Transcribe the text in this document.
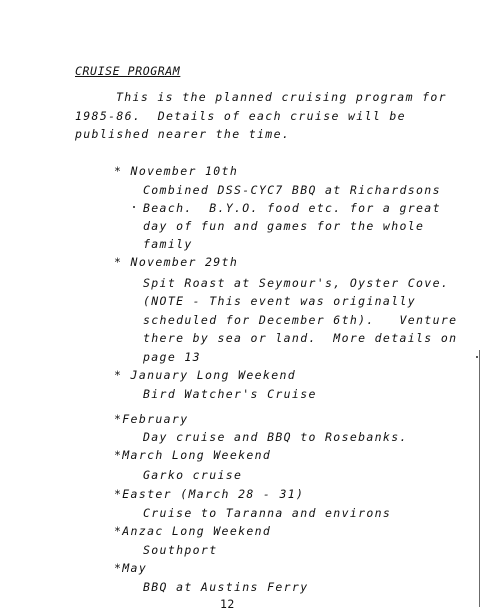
CRUISE PROGRAM
This is the planned cruising program for
1985-86.  Details of each cruise will be
published nearer the time.
* November 10th
Combined DSS-CYC7 BBQ at Richardsons
Beach.  B.Y.O. food etc. for a great
day of fun and games for the whole
family
* November 29th
Spit Roast at Seymour's, Oyster Cove.
(NOTE - This event was originally
scheduled for December 6th).   Venture
there by sea or land.  More details on
page 13
* January Long Weekend
Bird Watcher's Cruise
*February
Day cruise and BBQ to Rosebanks.
*March Long Weekend
Garko cruise
*Easter (March 28 - 31)
Cruise to Taranna and environs
*Anzac Long Weekend
Southport
*May
BBQ at Austins Ferry
12
